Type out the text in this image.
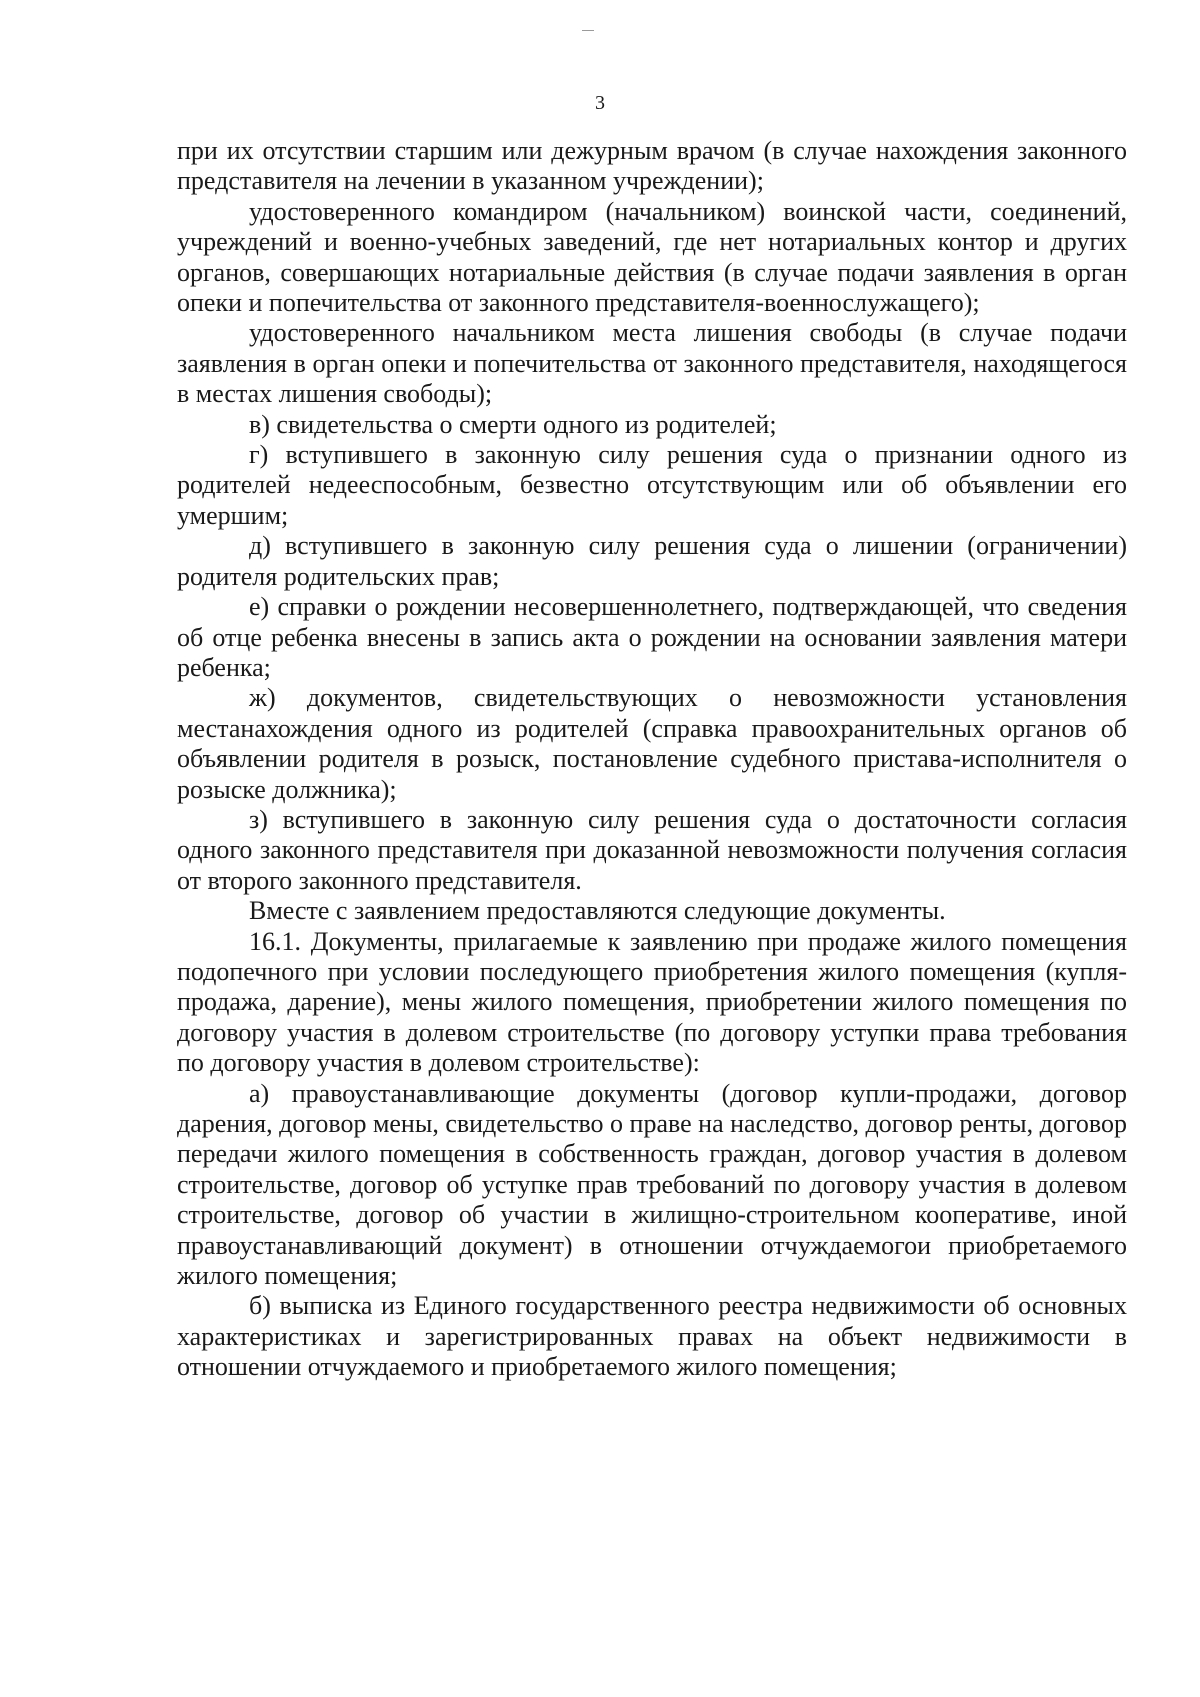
3

при их отсутствии старшим или дежурным врачом (в случае нахождения законного представителя на лечении в указанном учреждении);

удостоверенного командиром (начальником) воинской части, соединений, учреждений и военно-учебных заведений, где нет нотариальных контор и других органов, совершающих нотариальные действия (в случае подачи заявления в орган опеки и попечительства от законного представителя-военнослужащего);

удостоверенного начальником места лишения свободы (в случае подачи заявления в орган опеки и попечительства от законного представителя, находящегося в местах лишения свободы);

в) свидетельства о смерти одного из родителей;

г) вступившего в законную силу решения суда о признании одного из родителей недееспособным, безвестно отсутствующим или об объявлении его умершим;

д) вступившего в законную силу решения суда о лишении (ограничении) родителя родительских прав;

е) справки о рождении несовершеннолетнего, подтверждающей, что сведения об отце ребенка внесены в запись акта о рождении на основании заявления матери ребенка;

ж) документов, свидетельствующих о невозможности установления местанахождения одного из родителей (справка правоохранительных органов об объявлении родителя в розыск, постановление судебного пристава-исполнителя о розыске должника);

з) вступившего в законную силу решения суда о достаточности согласия одного законного представителя при доказанной невозможности получения согласия от второго законного представителя.

Вместе с заявлением предоставляются следующие документы.

16.1. Документы, прилагаемые к заявлению при продаже жилого помещения подопечного при условии последующего приобретения жилого помещения (купля-продажа, дарение), мены жилого помещения, приобретении жилого помещения по договору участия в долевом строительстве (по договору уступки права требования по договору участия в долевом строительстве):

а) правоустанавливающие документы (договор купли-продажи, договор дарения, договор мены, свидетельство о праве на наследство, договор ренты, договор передачи жилого помещения в собственность граждан, договор участия в долевом строительстве, договор об уступке прав требований по договору участия в долевом строительстве, договор об участии в жилищно-строительном кооперативе, иной правоустанавливающий документ) в отношении отчуждаемогои приобретаемого жилого помещения;

б) выписка из Единого государственного реестра недвижимости об основных характеристиках и зарегистрированных правах на объект недвижимости в отношении отчуждаемого и приобретаемого жилого помещения;
